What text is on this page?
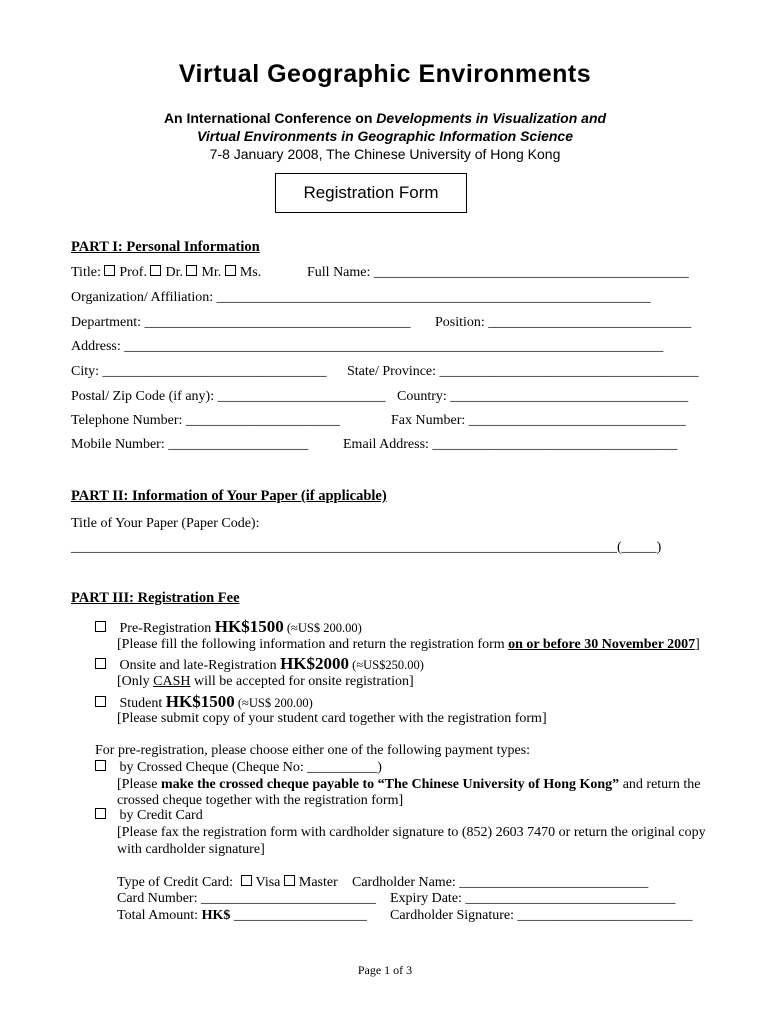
Virtual Geographic Environments
An International Conference on Developments in Visualization and
Virtual Environments in Geographic Information Science
7-8 January 2008, The Chinese University of Hong Kong
Registration Form
PART I: Personal Information
Title: Prof. Dr. Mr. Ms.	Full Name: _____________________________________________
Organization/ Affiliation: ______________________________________________________________
Department: ______________________________________ Position: _____________________________
Address: _____________________________________________________________________________
City: ________________________________ State/ Province: _____________________________________
Postal/ Zip Code (if any): ________________________ Country: __________________________________
Telephone Number: ______________________	Fax Number: _______________________________
Mobile Number: ____________________ Email Address: ___________________________________
PART II: Information of Your Paper (if applicable)
Title of Your Paper (Paper Code):
______________________________________________________________________________(_____)
PART III: Registration Fee
Pre-Registration HK$1500 (≈US$ 200.00)
[Please fill the following information and return the registration form on or before 30 November 2007]
Onsite and late-Registration HK$2000 (≈US$250.00)
[Only CASH will be accepted for onsite registration]
Student HK$1500 (≈US$ 200.00)
[Please submit copy of your student card together with the registration form]
For pre-registration, please choose either one of the following payment types:
by Crossed Cheque (Cheque No: __________)
[Please make the crossed cheque payable to “The Chinese University of Hong Kong” and return the
crossed cheque together with the registration form]
by Credit Card
[Please fax the registration form with cardholder signature to (852) 2603 7470 or return the original copy
with cardholder signature]
Type of Credit Card: Visa Master Cardholder Name: ___________________________
Card Number: _________________________ Expiry Date: ______________________________
Total Amount: HK$ ___________________ Cardholder Signature: _________________________
Page 1 of 3
